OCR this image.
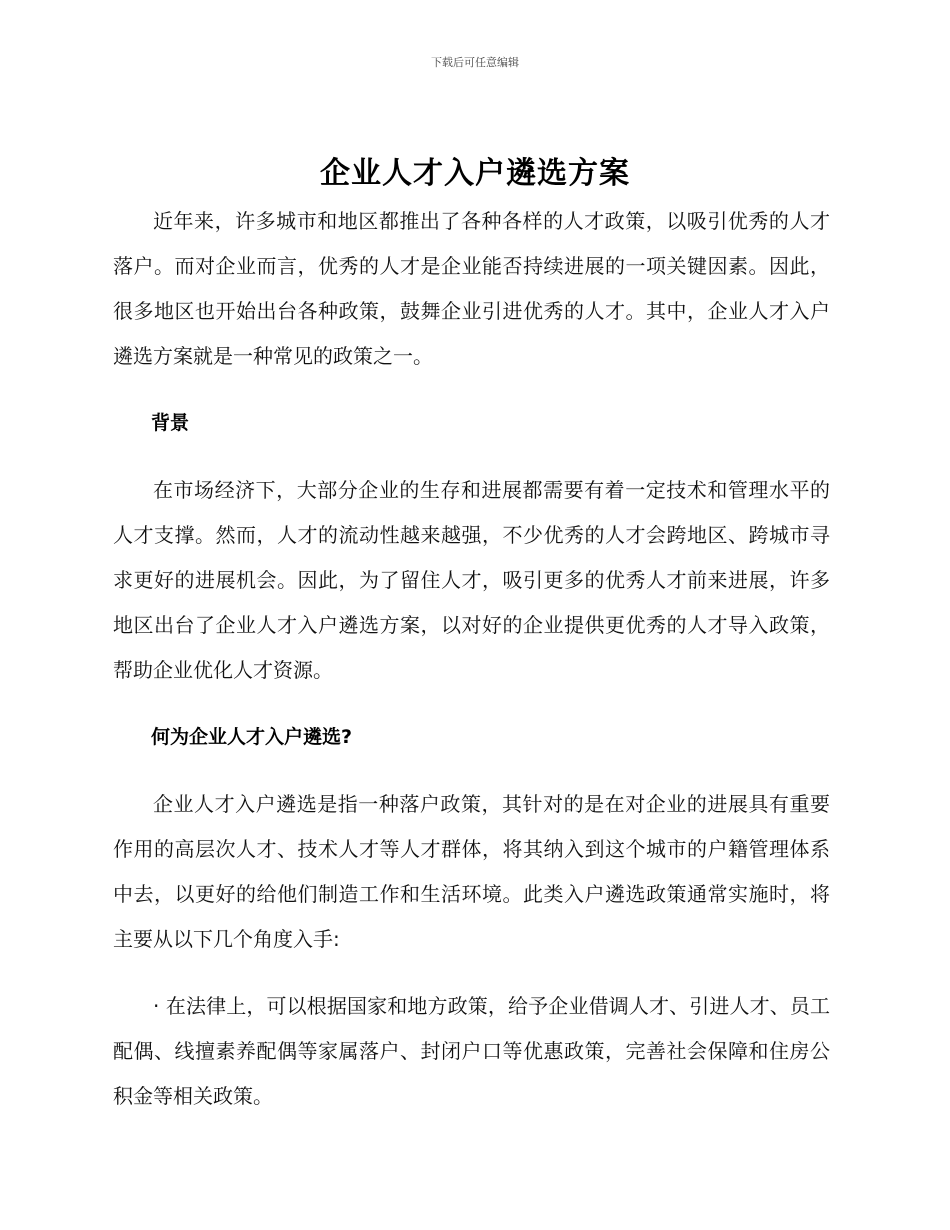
下载后可任意编辑
企业人才入户遴选方案

近年来，许多城市和地区都推出了各种各样的人才政策，以吸引优秀的人才落户。而对企业而言，优秀的人才是企业能否持续进展的一项关键因素。因此，很多地区也开始出台各种政策，鼓舞企业引进优秀的人才。其中，企业人才入户遴选方案就是一种常见的政策之一。

背景

在市场经济下，大部分企业的生存和进展都需要有着一定技术和管理水平的人才支撑。然而，人才的流动性越来越强，不少优秀的人才会跨地区、跨城市寻求更好的进展机会。因此，为了留住人才，吸引更多的优秀人才前来进展，许多地区出台了企业人才入户遴选方案，以对好的企业提供更优秀的人才导入政策，帮助企业优化人才资源。

何为企业人才入户遴选?

企业人才入户遴选是指一种落户政策，其针对的是在对企业的进展具有重要作用的高层次人才、技术人才等人才群体，将其纳入到这个城市的户籍管理体系中去，以更好的给他们制造工作和生活环境。此类入户遴选政策通常实施时，将主要从以下几个角度入手:

· 在法律上，可以根据国家和地方政策，给予企业借调人才、引进人才、员工配偶、线擅素养配偶等家属落户、封闭户口等优惠政策，完善社会保障和住房公积金等相关政策。
